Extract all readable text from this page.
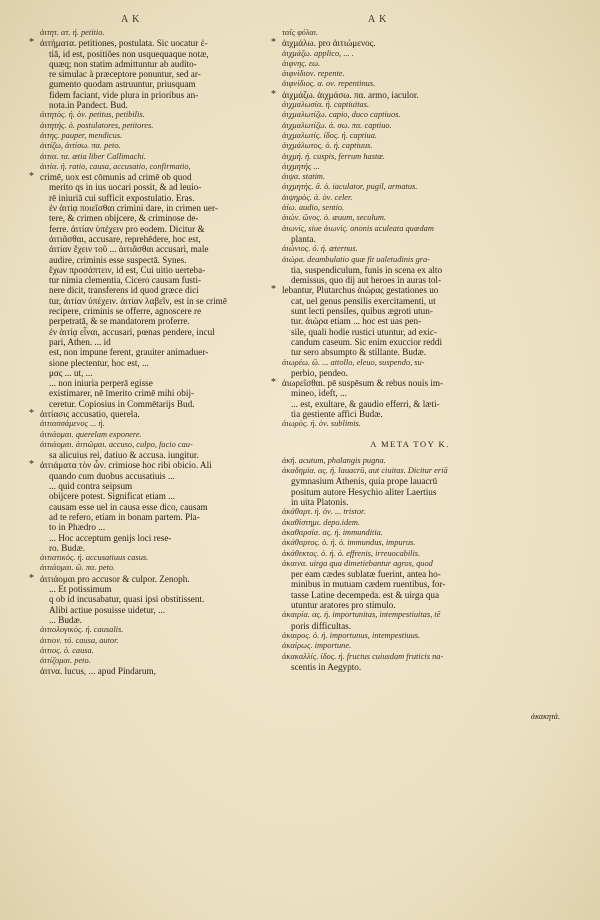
A K	A K
ἀιτητ. ατ. ή. petitio.
* ἀιτήματα. petitiones, postulata. Sic uocatur ἐ-
tiā, id est, positiões non usquequaque notæ,
quæq; non statim admittuntur ab audito-
re simulac à præceptore ponuntur, sed ar-
gumento quodam astruuntur, priusquam
fidem faciant, vide plura in prioribus an-
nota.in Pandect. Bud.
ἀιτητὸς. ή. ὸν. petitus, petibilis.
ἀιτητής. ὁ. postulatores, petitores.
ἀιτης. pauper, mendicus.
ἀιτίζω, ἀιτίσω. πα. peto.
ἀιτια. τα. ætia liber Callimachi.
ἀιτία. ή. ratio, causa, accusatio, confirmatio,
* crimē, uox est cōmunis ad crimē ob quod
merito qs in ius uocari possit, & ad leuio-
rē iniuriā cui sufficit expostulatio. Eras.
ἐν ἀιτίᾳ ποιεῖσθαι crimini dare, in crimen uer-
tere, & crimen obijcere, & criminose de-
ferre. ἀιτίαν ὑπέχειν pro eodem. Dicitur &
ἀιτιᾶσθαι, accusare, reprehēdere, hoc est,
ἀιτίαν ἔχειν τοῦ ... ἀιτιᾶσθαι accusari, male
audire, criminis esse suspectā. Synes.
ἔχων προσάπτειν, id est, Cui uitio uerteba-
tur nimia clementia, Cicero causam fusti-
nere dicit, transferens id quod græce dici
tur, ἀιτίαν ὑπέχειν. ἀιτίαν λαβεῖν, est in se crimē
recipere, criminis se offerre, agnoscere re
perpetratā, & se mandatorem proferre.
ἐν ἀιτίᾳ εἶναι, accusari, pœnas pendere, incul
pari, Athen. ... id
est, non impune ferent, grauiter animaduer-
sione plectentur, hoc est, ...
μας ... ut, ...
... non iniuria perperā egisse
existimarer, nē īmerito crimē mihi obij-
ceretur. Copiosius in Commētarijs Bud.
* ἀιτίασις accusatio, querela.
ἀιτιασσάμενος ... ή.
ἀιτιάομαι. querelam exponere.
ἀιτιάομαι. ἀιτιῶμαι. accuso, culpo, facio cau-
sa alicuius rei, datiuo & accusa. iungitur.
* ἀιτιάματα τὸν ὧν. crimiose hoc ribi obicio. Ali
quando cum duobus accusatiuis ...
... quid contra seipsum
obijcere potest. Significat etiam ...
causam esse uel in causa esse dico, causam
ad te refero, etiam in bonam partem. Pla-
to in Phædro ...
... Hoc acceptum genijs loci rese-
ro. Budæ.
ἀιτιατικὸς. ή. accusatiuus casus.
ἀιτιάομαι. ῶ. πα. peto.
* ἀιτιάομαι pro accusor & culpor. Zenoph.
... Et potissimum
q ob id incusabatur, quasi ipsi obstitissent.
Alibi actiue posuisse uidetur, ...
... Budæ.
ἀιτιολογικὸς. ή. causalis.
ἀιτιον. τό. causa, autor.
ἀιτιος. ὁ. causa.
ἀιτίζομαι. peto.
ἀιτνα. lucus, ... apud Pindarum,
ταῖς φύλαι.
* ἀιχμάλω. pro ἀιτιώμενος.
ἀιχμάζω. applico, ... .
ἀιφνης. εω.
ἀιφνίδιον. repente.
ἀιφνίδιος. α. ον. repentinus.
* ἀιχμάζω. ἀιχμάσω. πα. armo, iaculor.
ἀιχμαλωσία. ή. captiuitas.
ἀιχμαλωτίζω. capio, duco captiuos.
ἀιχμαλωτίζω. ἀ. σω. πα. captiuo.
ἀιχμαλωτίς. ίδος. ή. captiua.
ἀιχμάλωτος. ὁ. ή. captiuus.
ἀιχμή. ή. cuspis, ferrum hastæ.
ἀιχμητής ...
ἀιψα. statim.
ἀιχμητὴς. ᾶ. ὁ. iaculator, pugil, armatus.
ἀιψηρὸς. ά. ὸν. celer.
ἀίω. audio, sentio.
ἀιών. ῶνος. ὁ. æuum, seculum.
ἀιωνίς, siue ἀιωνὶς. ononis aculeata quædam
planta.
ἀιώνιος. ό. ή. æternus.
ἀιώρα. deambulatio quæ fit ualetudinis gra-
tia, suspendiculum, funis in scena ex alto
demissus, quo dij aut heroes in auras tol-
* lebantur, Plutarchus ἀιώρας gestationes uo
cat, uel genus pensilis exercitamenti, ut
sunt lecti pensiles, quibus ægroti utun-
tur. ἀιώρα etiam ... hoc est uas pen-
sile, quali hodie rustici utuntur, ad exic-
candum caseum. Sic enim exuccior reddi
tur sero absumpto & stillante. Budæ.
ἀιωρέω. ῶ. ... attollo, eleuo, suspendo, su-
perbio, pendeo.
* ἀιωρεῖσθαι. pē suspēsum & rebus nouis im-
mineo, ideft, ...
... est, exultare, & gaudio efferri, & læti-
tia gestiente affici Budæ.
ἀιωρὸς. ή. ὸν. sublimis.
A META TOY K.
ἀκή. acutum, phalangis pugna.
ἀκαδημία. ας. ή. lauacrū, aut ciuitas. Dicitur eriā
gymnasium Athenis, quia prope lauacrū
positum autore Hesychio aliter Laertius
in uita Platonis.
ἀκάθαρτ. ή. ὸν. ... tristor.
ἀκαθίστημι. depo.idem.
ἀκαθαρσία. ας. ή. immunditia.
ἀκάθαρτος. ὁ. ή. ὸ. immundus, impurus.
ἀκάθεκτος. ὁ. ή. ὸ. effrenis, irreuocabilis.
ἀκαινα. uirga qua dimetiebantur agros, quod
per eam cædes sublatæ fuerint, antea ho-
minibus in mutuam cædem ruentibus, for-
tasse Latine decempeda. est & uirga qua
utuntur aratores pro stimulo.
ἀκαιρία. ας. ή. importunitas, intempestiuitas, tē
poris difficultas.
ἀκαιρος. ὁ. ή. importunus, intempestiuus.
ἀκαίρως. importune.
ἀκακαλλίς. ίδος. ή. fructus cuiusdam fruticis na-
scentis in Aegypto.
ἀκακητὰ.
